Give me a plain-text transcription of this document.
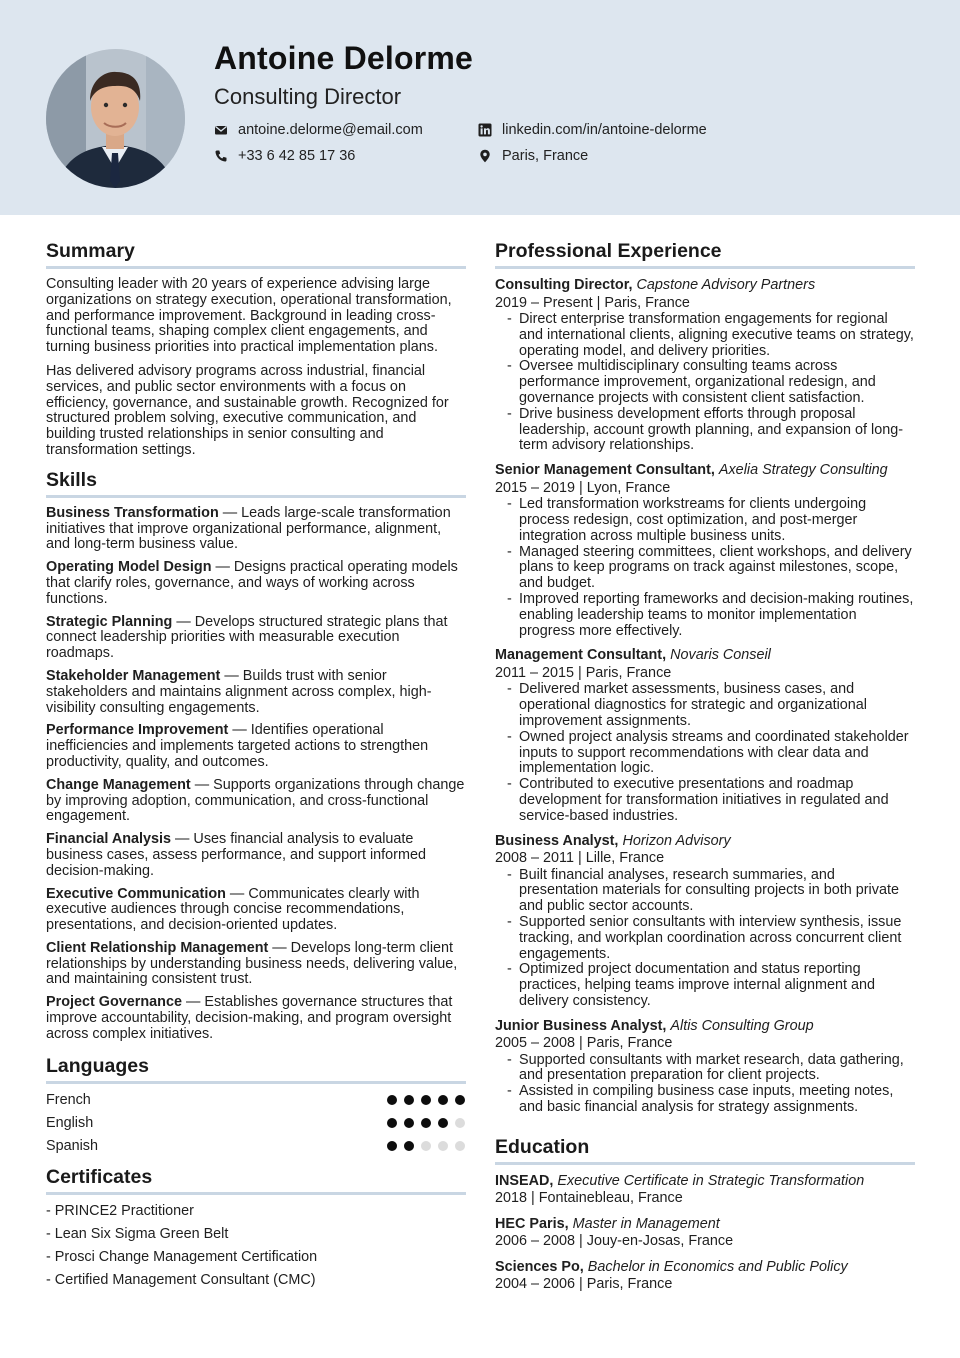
Antoine Delorme
Consulting Director
antoine.delorme@email.com
+33 6 42 85 17 36
linkedin.com/in/antoine-delorme
Paris, France
Summary

Consulting leader with 20 years of experience advising large organizations on strategy execution, operational transformation, and performance improvement. Background in leading cross-functional teams, shaping complex client engagements, and turning business priorities into practical implementation plans.

Has delivered advisory programs across industrial, financial services, and public sector environments with a focus on efficiency, governance, and sustainable growth. Recognized for structured problem solving, executive communication, and building trusted relationships in senior consulting and transformation settings.

Skills

Business Transformation — Leads large-scale transformation initiatives that improve organizational performance, alignment, and long-term business value.

Operating Model Design — Designs practical operating models that clarify roles, governance, and ways of working across functions.

Strategic Planning — Develops structured strategic plans that connect leadership priorities with measurable execution roadmaps.

Stakeholder Management — Builds trust with senior stakeholders and maintains alignment across complex, high-visibility consulting engagements.

Performance Improvement — Identifies operational inefficiencies and implements targeted actions to strengthen productivity, quality, and outcomes.

Change Management — Supports organizations through change by improving adoption, communication, and cross-functional engagement.

Financial Analysis — Uses financial analysis to evaluate business cases, assess performance, and support informed decision-making.

Executive Communication — Communicates clearly with executive audiences through concise recommendations, presentations, and decision-oriented updates.

Client Relationship Management — Develops long-term client relationships by understanding business needs, delivering value, and maintaining consistent trust.

Project Governance — Establishes governance structures that improve accountability, decision-making, and program oversight across complex initiatives.

Languages
French
English
Spanish
Certificates
- PRINCE2 Practitioner
- Lean Six Sigma Green Belt
- Prosci Change Management Certification
- Certified Management Consultant (CMC)
Professional Experience

Consulting Director, Capstone Advisory Partners

2019 – Present | Paris, France

- Direct enterprise transformation engagements for regional and international clients, aligning executive teams on strategy, operating model, and delivery priorities.
- Oversee multidisciplinary consulting teams across performance improvement, organizational redesign, and governance projects with consistent client satisfaction.
- Drive business development efforts through proposal leadership, account growth planning, and expansion of long-term advisory relationships.

Senior Management Consultant, Axelia Strategy Consulting

2015 – 2019 | Lyon, France

- Led transformation workstreams for clients undergoing process redesign, cost optimization, and post-merger integration across multiple business units.
- Managed steering committees, client workshops, and delivery plans to keep programs on track against milestones, scope, and budget.
- Improved reporting frameworks and decision-making routines, enabling leadership teams to monitor implementation progress more effectively.

Management Consultant, Novaris Conseil

2011 – 2015 | Paris, France

- Delivered market assessments, business cases, and operational diagnostics for strategic and organizational improvement assignments.
- Owned project analysis streams and coordinated stakeholder inputs to support recommendations with clear data and implementation logic.
- Contributed to executive presentations and roadmap development for transformation initiatives in regulated and service-based industries.

Business Analyst, Horizon Advisory

2008 – 2011 | Lille, France

- Built financial analyses, research summaries, and presentation materials for consulting projects in both private and public sector accounts.
- Supported senior consultants with interview synthesis, issue tracking, and workplan coordination across concurrent client engagements.
- Optimized project documentation and status reporting practices, helping teams improve internal alignment and delivery consistency.

Junior Business Analyst, Altis Consulting Group

2005 – 2008 | Paris, France

- Supported consultants with market research, data gathering, and presentation preparation for client projects.
- Assisted in compiling business case inputs, meeting notes, and basic financial analysis for strategy assignments.
Education

INSEAD, Executive Certificate in Strategic Transformation

2018 | Fontainebleau, France

HEC Paris, Master in Management

2006 – 2008 | Jouy-en-Josas, France

Sciences Po, Bachelor in Economics and Public Policy

2004 – 2006 | Paris, France
